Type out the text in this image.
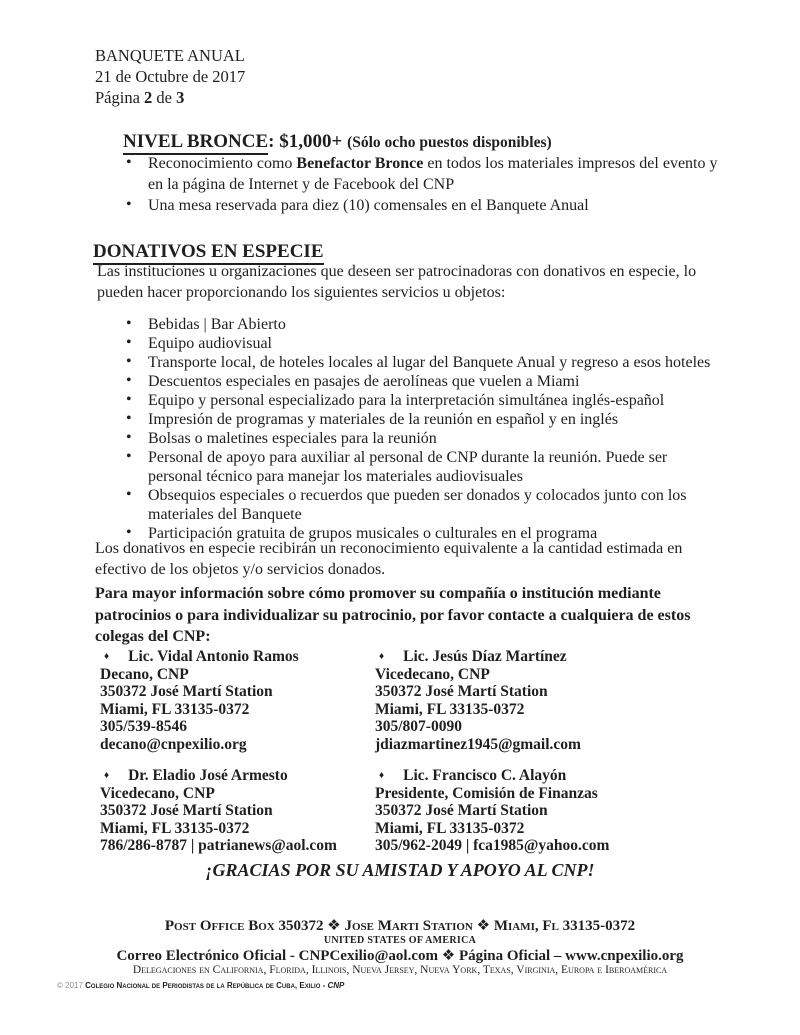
BANQUETE ANUAL
21 de Octubre de 2017
Página 2 de 3
NIVEL BRONCE: $1,000+ (Sólo ocho puestos disponibles)
• Reconocimiento como Benefactor Bronce en todos los materiales impresos del evento y
en la página de Internet y de Facebook del CNP
• Una mesa reservada para diez (10) comensales en el Banquete Anual
DONATIVOS EN ESPECIE
Las instituciones u organizaciones que deseen ser patrocinadoras con donativos en especie, lo
pueden hacer proporcionando los siguientes servicios u objetos:
• Bebidas | Bar Abierto
• Equipo audiovisual
• Transporte local, de hoteles locales al lugar del Banquete Anual y regreso a esos hoteles
• Descuentos especiales en pasajes de aerolíneas que vuelen a Miami
• Equipo y personal especializado para la interpretación simultánea inglés-español
• Impresión de programas y materiales de la reunión en español y en inglés
• Bolsas o maletines especiales para la reunión
• Personal de apoyo para auxiliar al personal de CNP durante la reunión. Puede ser
personal técnico para manejar los materiales audiovisuales
• Obsequios especiales o recuerdos que pueden ser donados y colocados junto con los
materiales del Banquete
• Participación gratuita de grupos musicales o culturales en el programa
Los donativos en especie recibirán un reconocimiento equivalente a la cantidad estimada en
efectivo de los objetos y/o servicios donados.
Para mayor información sobre cómo promover su compañía o institución mediante
patrocinios o para individualizar su patrocinio, por favor contacte a cualquiera de estos
colegas del CNP:
♦ Lic. Vidal Antonio Ramos
Decano, CNP
350372 José Martí Station
Miami, FL 33135-0372
305/539-8546
decano@cnpexilio.org
♦ Lic. Jesús Díaz Martínez
Vicedecano, CNP
350372 José Martí Station
Miami, FL 33135-0372
305/807-0090
jdiazmartinez1945@gmail.com
♦ Dr. Eladio José Armesto
Vicedecano, CNP
350372 José Martí Station
Miami, FL 33135-0372
786/286-8787 | patrianews@aol.com
♦ Lic. Francisco C. Alayón
Presidente, Comisión de Finanzas
350372 José Martí Station
Miami, FL 33135-0372
305/962-2049 | fca1985@yahoo.com
¡GRACIAS POR SU AMISTAD Y APOYO AL CNP!
Post Office Box 350372 ❖ Jose Marti Station ❖ Miami, Fl 33135-0372
UNITED STATES OF AMERICA
Correo Electrónico Oficial - CNPCexilio@aol.com ❖ Página Oficial – www.cnpexilio.org
Delegaciones en California, Florida, Illinois, Nueva Jersey, Nueva York, Texas, Virginia, Europa e Iberoamérica
© 2017 Colegio Nacional de Periodistas de la República de Cuba, Exilio - CNP
